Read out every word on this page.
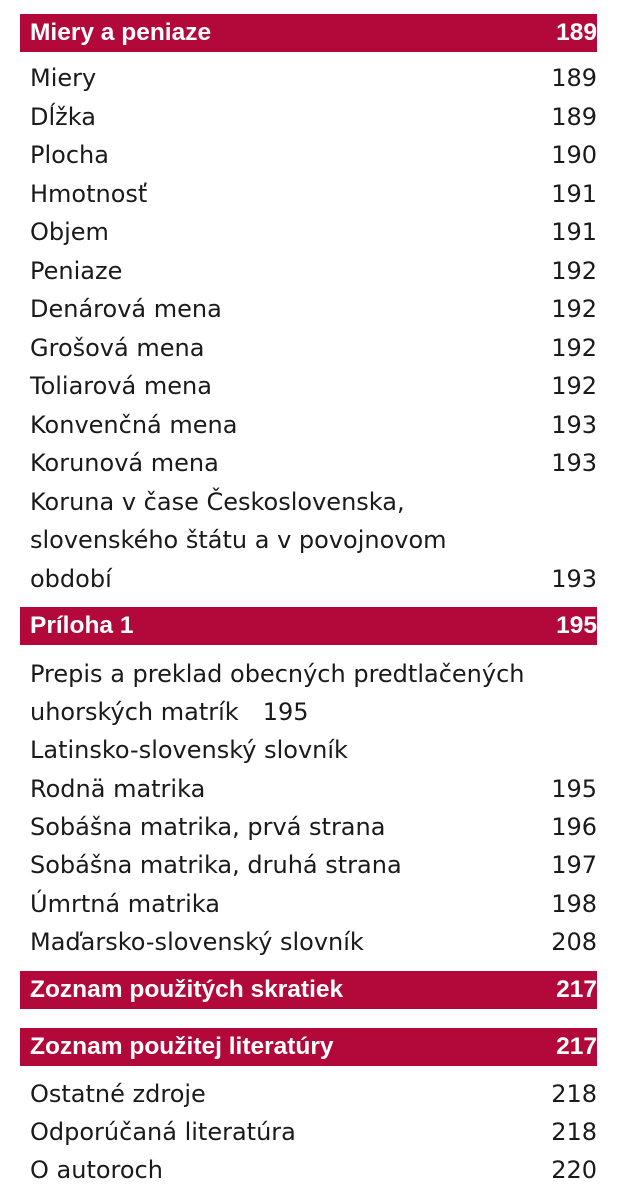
Miery a peniaze	189
Miery	189
Dĺžka	189
Plocha	190
Hmotnosť	191
Objem	191
Peniaze	192
Denárová mena	192
Grošová mena	192
Toliarová mena	192
Konvenčná mena	193
Korunová mena	193
Koruna v čase Československa,
slovenského štátu a v povojnovom
období	193
Príloha 1	195
Prepis a preklad obecných predtlačených
uhorských matrík 195
Latinsko-slovenský slovník
Rodnä matrika	195
Sobášna matrika, prvá strana	196
Sobášna matrika, druhá strana	197
Úmrtná matrika	198
Maďarsko-slovenský slovník	208
Zoznam použitých skratiek	217
Zoznam použitej literatúry	217
Ostatné zdroje	218
Odporúčaná literatúra	218
O autoroch	220
